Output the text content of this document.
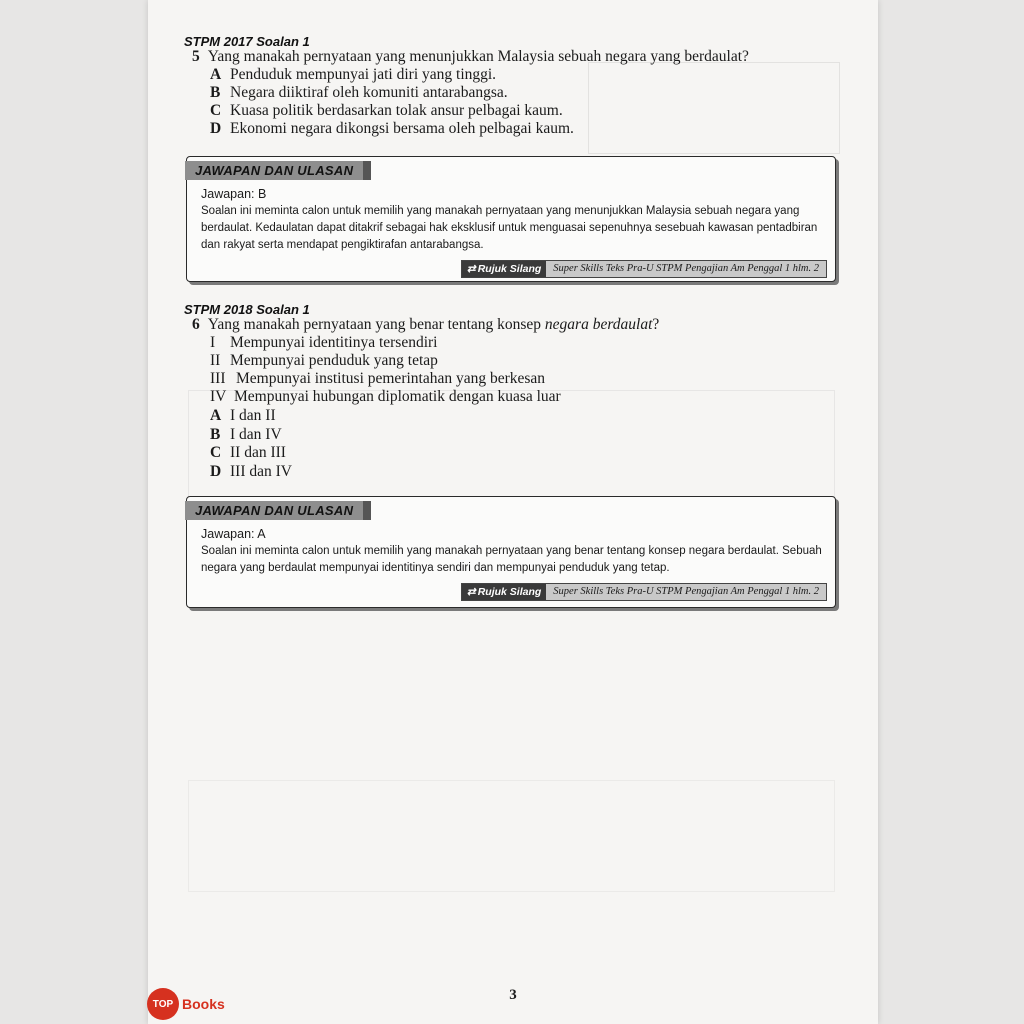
STPM 2017 Soalan 1
5 Yang manakah pernyataan yang menunjukkan Malaysia sebuah negara yang berdaulat?
A Penduduk mempunyai jati diri yang tinggi.
B Negara diiktiraf oleh komuniti antarabangsa.
C Kuasa politik berdasarkan tolak ansur pelbagai kaum.
D Ekonomi negara dikongsi bersama oleh pelbagai kaum.
JAWAPAN DAN ULASAN
Jawapan: B
Soalan ini meminta calon untuk memilih yang manakah pernyataan yang menunjukkan Malaysia sebuah negara yang
berdaulat. Kedaulatan dapat ditakrif sebagai hak eksklusif untuk menguasai sepenuhnya sesebuah kawasan pentadbiran
dan rakyat serta mendapat pengiktirafan antarabangsa.
⇄ Rujuk Silang	Super Skills Teks Pra-U STPM Pengajian Am Penggal 1 hlm. 2
STPM 2018 Soalan 1
6 Yang manakah pernyataan yang benar tentang konsep negara berdaulat?
I Mempunyai identitinya tersendiri
II Mempunyai penduduk yang tetap
III Mempunyai institusi pemerintahan yang berkesan
IV Mempunyai hubungan diplomatik dengan kuasa luar
A I dan II
B I dan IV
C II dan III
D III dan IV
JAWAPAN DAN ULASAN
Jawapan: A
Soalan ini meminta calon untuk memilih yang manakah pernyataan yang benar tentang konsep negara berdaulat. Sebuah
negara yang berdaulat mempunyai identitinya sendiri dan mempunyai penduduk yang tetap.
⇄ Rujuk Silang	Super Skills Teks Pra-U STPM Pengajian Am Penggal 1 hlm. 2
3
TOP Books
